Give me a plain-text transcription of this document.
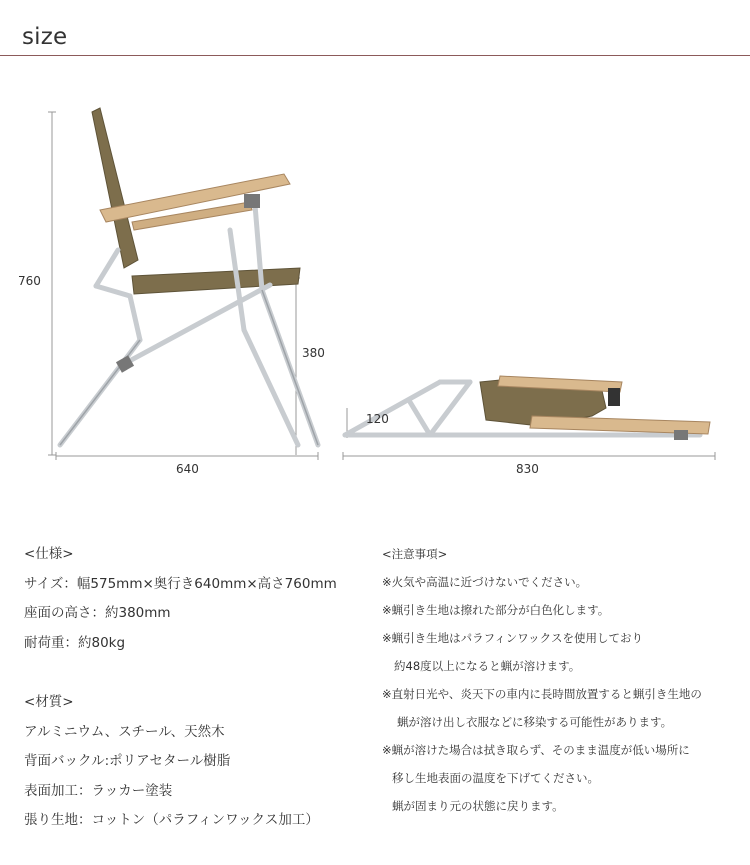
size
760
380
640
120
830
<仕様>
サイズ：幅575mm×奥行き640mm×高さ760mm
座面の高さ：約380mm
耐荷重：約80kg
<材質>
アルミニウム、スチール、天然木
背面バックル:ポリアセタール樹脂
表面加工：ラッカー塗装
張り生地：コットン（パラフィンワックス加工）
<注意事項>
※火気や高温に近づけないでください。
※蝋引き生地は擦れた部分が白色化します。
※蝋引き生地はパラフィンワックスを使用しており
約48度以上になると蝋が溶けます。
※直射日光や、炎天下の車内に長時間放置すると蝋引き生地の
蝋が溶け出し衣服などに移染する可能性があります。
※蝋が溶けた場合は拭き取らず、そのまま温度が低い場所に
移し生地表面の温度を下げてください。
蝋が固まり元の状態に戻ります。
